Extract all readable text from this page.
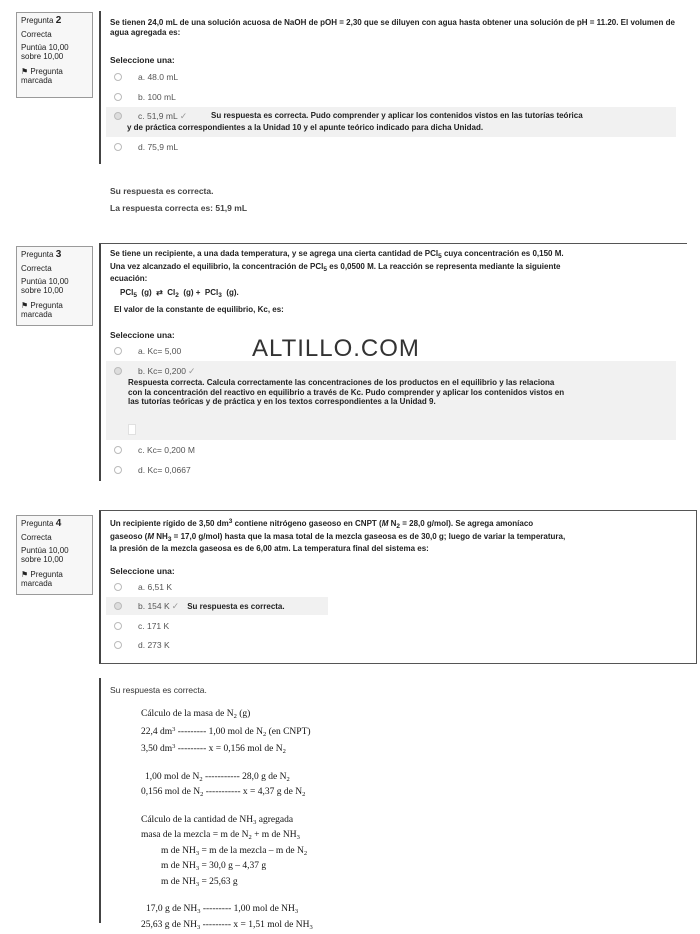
Pregunta 2
Correcta
Puntúa 10,00 sobre 10,00
⚑ Pregunta marcada
Se tienen 24,0 mL de una solución acuosa de NaOH de pOH = 2,30 que se diluyen con agua hasta obtener una solución de pH = 11.20. El volumen de agua agregada es:
Seleccione una:
a. 48.0 mL
b. 100 mL
c. 51,9 mL ✓	Su respuesta es correcta. Pudo comprender y aplicar los contenidos vistos en las tutorías teórica
y de práctica correspondientes a la Unidad 10 y el apunte teórico indicado para dicha Unidad.
d. 75,9 mL
Su respuesta es correcta.
La respuesta correcta es: 51,9 mL
Pregunta 3
Correcta
Puntúa 10,00 sobre 10,00
⚑ Pregunta marcada
Se tiene un recipiente, a una dada temperatura, y se agrega una cierta cantidad de PCl$_5$ cuya concentración es 0,150 M.
Una vez alcanzado el equilibrio, la concentración de PCl$_5$ es 0,0500 M. La reacción se representa mediante la siguiente
ecuación:
PCl$_5$ (g) ⇄ $Cl_2$ (g) + PCl$_3$ (g).
El valor de la constante de equilibrio, Kc, es:
Seleccione una:
a. Kc= 5,00
b. Kc= 0,200 ✓
Respuesta correcta. Calcula correctamente las concentraciones de los productos en el equilibrio y las relaciona
con la concentración del reactivo en equilibrio a través de Kc. Pudo comprender y aplicar los contenidos vistos en
las tutorías teóricas y de práctica y en los textos correspondientes a la Unidad 9.
c. Kc= 0,200 M
d. Kc= 0,0667
ALTILLO.COM
Pregunta 4
Correcta
Puntúa 10,00 sobre 10,00
⚑ Pregunta marcada
Un recipiente rígido de 3,50 $dm^3$ contiene nitrógeno gaseoso en CNPT (M $N_2 = 28,0$ g/mol). Se agrega amoníaco
gaseoso (M $NH_3 = 17,0$ g/mol) hasta que la masa total de la mezcla gaseosa es de 30,0 g; luego de variar la temperatura,
la presión de la mezcla gaseosa es de 6,00 atm. La temperatura final del sistema es:
Seleccione una:
a. 6,51 K
b. 154 K ✓ Su respuesta es correcta.
c. 171 K
d. 273 K
Su respuesta es correcta.
Cálculo de la masa de $N_2$ (g)
22,4 $dm^3$ --------- 1,00 mol de $N_2$ (en CNPT)
3,50 $dm^3$ --------- x = 0,156 mol de $N_2$
1,00 mol de $N_2$ ----------- 28,0 g de $N_2$
0,156 mol de $N_2$ ----------- x = 4,37 g de $N_2$
Cálculo de la cantidad de $NH_3$ agregada
masa de la mezcla = m de $N_2 + m$ de $NH_3$
m de $NH_3 = m$ de la mezcla – m de $N_2$
m de $NH_3 = 30,0$ g – 4,37 g
m de $NH_3 = 25,63$ g
17,0 g de $NH_3$ --------- 1,00 mol de $NH_3$
25,63 g de $NH_3$ --------- x = 1,51 mol de $NH_3$
